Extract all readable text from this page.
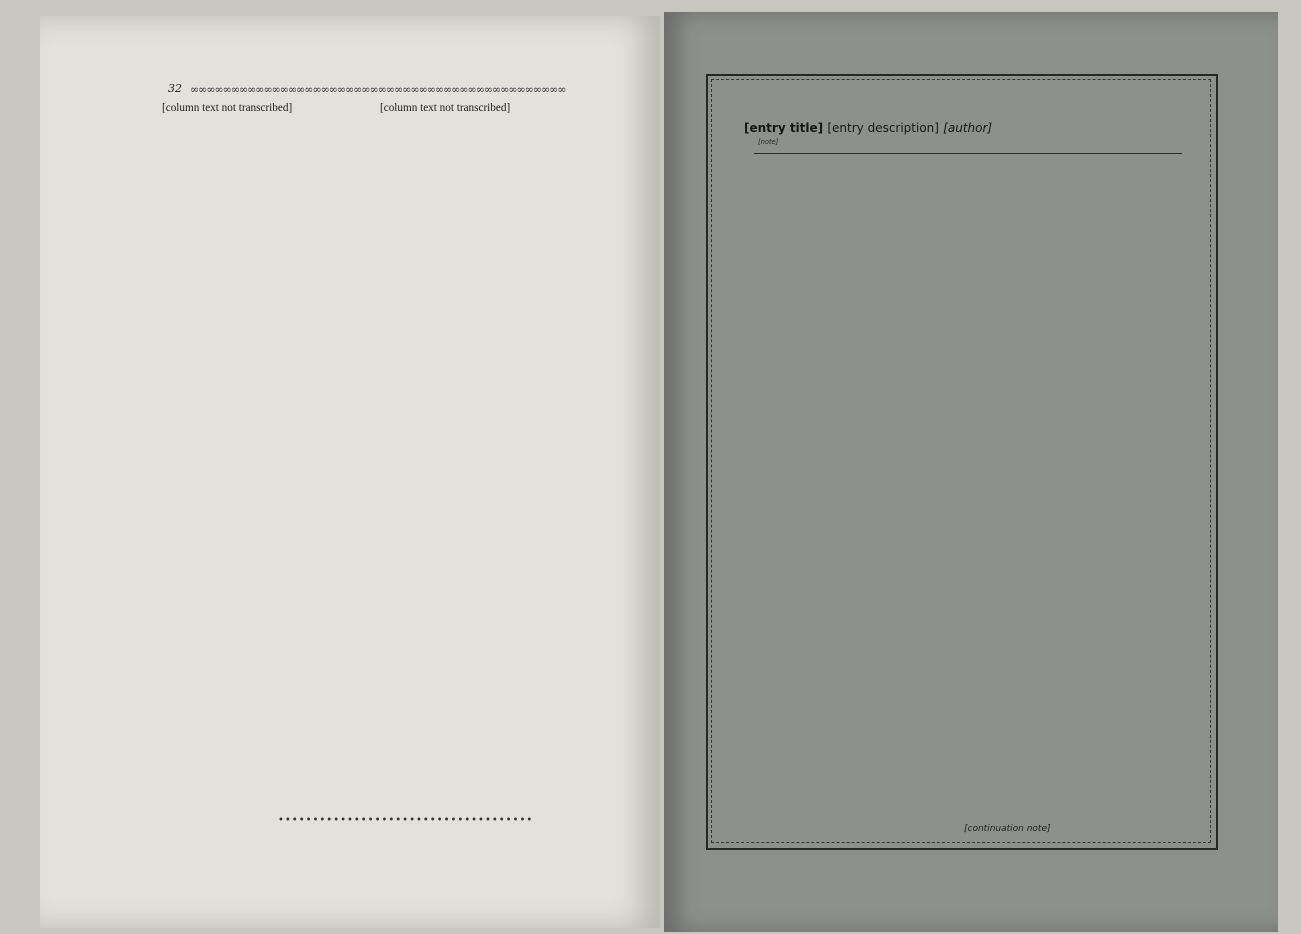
32 ∞∞∞∞∞∞∞∞∞∞∞∞∞∞∞∞∞∞∞∞∞∞∞∞∞∞∞∞∞∞∞∞∞∞∞∞∞∞∞∞∞∞∞∞∞∞

[column text not transcribed]	[column text not transcribed]

•••••••••••••••••••••••••••••••••••••
[entry title] [entry description] [author]
[note]
[continuation note]
